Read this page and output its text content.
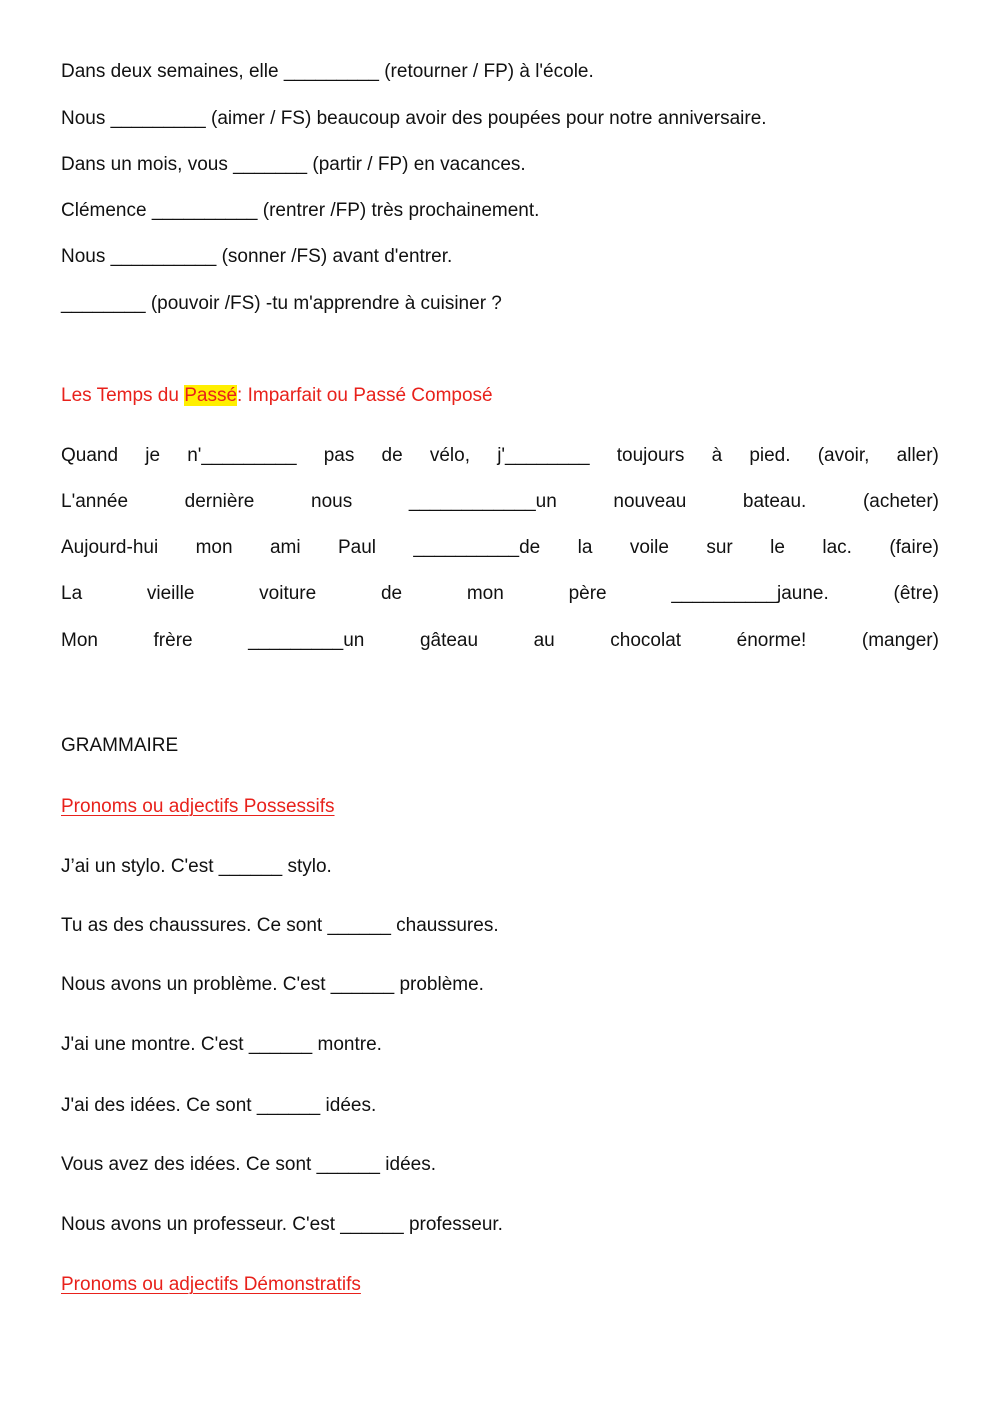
Dans deux semaines, elle _________ (retourner / FP) à l'école.
Nous _________ (aimer / FS) beaucoup avoir des poupées pour notre anniversaire.
Dans un mois, vous _______ (partir / FP) en vacances.
Clémence __________ (rentrer /FP) très prochainement.
Nous __________ (sonner /FS) avant d'entrer.
________ (pouvoir /FS) -tu m'apprendre à cuisiner ?
Les Temps du Passé: Imparfait ou Passé Composé
Quand je n'_________ pas de vélo, j'________ toujours à pied. (avoir, aller)
L'année	dernière	nous	____________un	nouveau	bateau.	(acheter)
Aujourd-hui mon ami Paul __________de la voile sur le lac. (faire)
La	vieille	voiture	de	mon	père	__________jaune.	(être)
Mon	frère	_________un	gâteau	au	chocolat	énorme!	(manger)
GRAMMAIRE
Pronoms ou adjectifs Possessifs
J’ai un stylo. C'est ______ stylo.
Tu as des chaussures. Ce sont ______ chaussures.
Nous avons un problème. C'est ______ problème.
J'ai une montre. C'est ______ montre.
J'ai des idées. Ce sont ______ idées.
Vous avez des idées. Ce sont ______ idées.
Nous avons un professeur. C'est ______ professeur.
Pronoms ou adjectifs Démonstratifs
